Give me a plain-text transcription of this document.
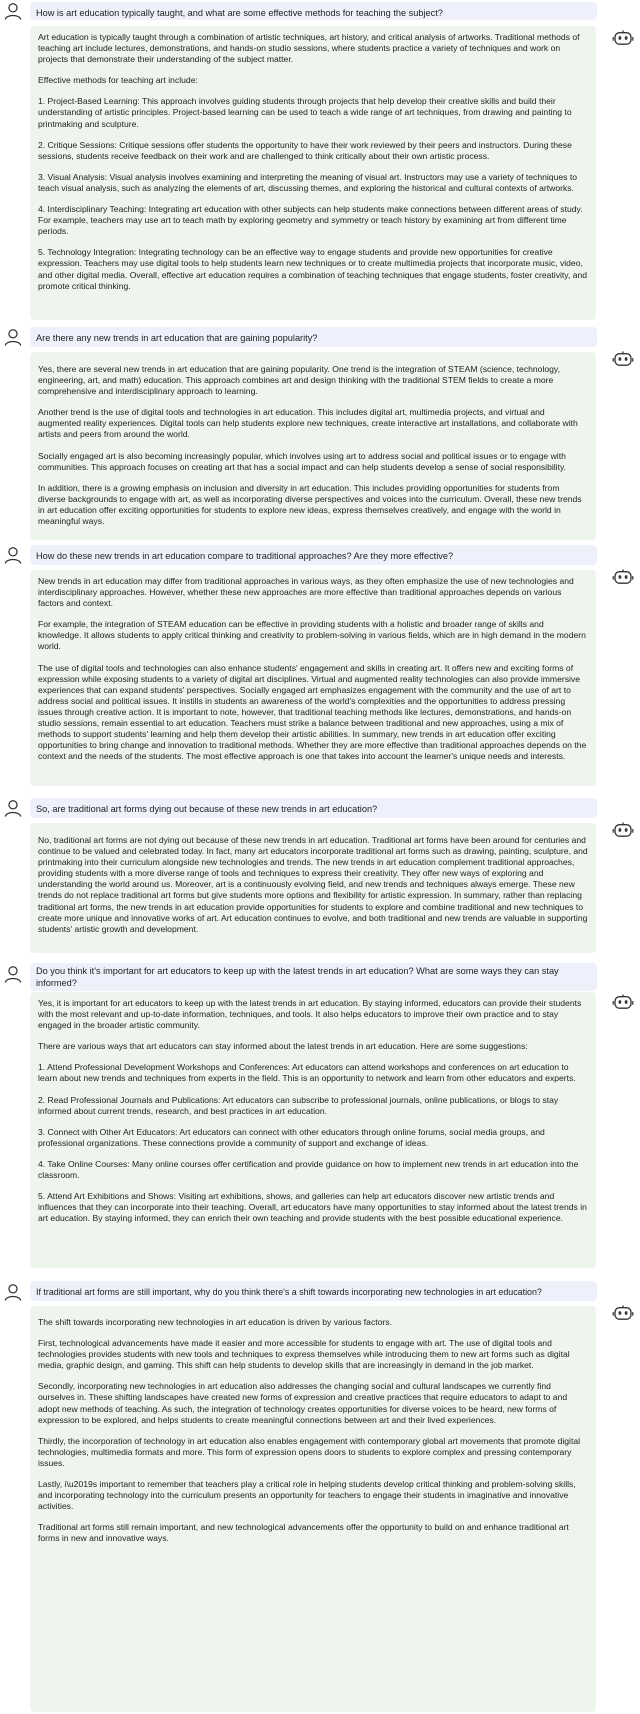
How is art education typically taught, and what are some effective methods for teaching the subject?

Art education is typically taught through a combination of artistic techniques, art history, and critical analysis of artworks. Traditional methods of teaching art include lectures, demonstrations, and hands-on studio sessions, where students practice a variety of techniques and work on projects that demonstrate their understanding of the subject matter.

Effective methods for teaching art include:

1. Project-Based Learning: This approach involves guiding students through projects that help develop their creative skills and build their understanding of artistic principles. Project-based learning can be used to teach a wide range of art techniques, from drawing and painting to printmaking and sculpture.

2. Critique Sessions: Critique sessions offer students the opportunity to have their work reviewed by their peers and instructors. During these sessions, students receive feedback on their work and are challenged to think critically about their own artistic process.

3. Visual Analysis: Visual analysis involves examining and interpreting the meaning of visual art. Instructors may use a variety of techniques to teach visual analysis, such as analyzing the elements of art, discussing themes, and exploring the historical and cultural contexts of artworks.

4. Interdisciplinary Teaching: Integrating art education with other subjects can help students make connections between different areas of study. For example, teachers may use art to teach math by exploring geometry and symmetry or teach history by examining art from different time periods.

5. Technology Integration: Integrating technology can be an effective way to engage students and provide new opportunities for creative expression. Teachers may use digital tools to help students learn new techniques or to create multimedia projects that incorporate music, video, and other digital media. Overall, effective art education requires a combination of teaching techniques that engage students, foster creativity, and promote critical thinking.

Are there any new trends in art education that are gaining popularity?

Yes, there are several new trends in art education that are gaining popularity. One trend is the integration of STEAM (science, technology, engineering, art, and math) education. This approach combines art and design thinking with the traditional STEM fields to create a more comprehensive and interdisciplinary approach to learning.

Another trend is the use of digital tools and technologies in art education. This includes digital art, multimedia projects, and virtual and augmented reality experiences. Digital tools can help students explore new techniques, create interactive art installations, and collaborate with artists and peers from around the world.

Socially engaged art is also becoming increasingly popular, which involves using art to address social and political issues or to engage with communities. This approach focuses on creating art that has a social impact and can help students develop a sense of social responsibility.

In addition, there is a growing emphasis on inclusion and diversity in art education. This includes providing opportunities for students from diverse backgrounds to engage with art, as well as incorporating diverse perspectives and voices into the curriculum. Overall, these new trends in art education offer exciting opportunities for students to explore new ideas, express themselves creatively, and engage with the world in meaningful ways.

How do these new trends in art education compare to traditional approaches? Are they more effective?

New trends in art education may differ from traditional approaches in various ways, as they often emphasize the use of new technologies and interdisciplinary approaches. However, whether these new approaches are more effective than traditional approaches depends on various factors and context.

For example, the integration of STEAM education can be effective in providing students with a holistic and broader range of skills and knowledge. It allows students to apply critical thinking and creativity to problem-solving in various fields, which are in high demand in the modern world.

The use of digital tools and technologies can also enhance students' engagement and skills in creating art. It offers new and exciting forms of expression while exposing students to a variety of digital art disciplines. Virtual and augmented reality technologies can also provide immersive experiences that can expand students' perspectives. Socially engaged art emphasizes engagement with the community and the use of art to address social and political issues. It instills in students an awareness of the world's complexities and the opportunities to address pressing issues through creative action. It is important to note, however, that traditional teaching methods like lectures, demonstrations, and hands-on studio sessions, remain essential to art education. Teachers must strike a balance between traditional and new approaches, using a mix of methods to support students' learning and help them develop their artistic abilities. In summary, new trends in art education offer exciting opportunities to bring change and innovation to traditional methods. Whether they are more effective than traditional approaches depends on the context and the needs of the students. The most effective approach is one that takes into account the learner's unique needs and interests.

So, are traditional art forms dying out because of these new trends in art education?

No, traditional art forms are not dying out because of these new trends in art education. Traditional art forms have been around for centuries and continue to be valued and celebrated today. In fact, many art educators incorporate traditional art forms such as drawing, painting, sculpture, and printmaking into their curriculum alongside new technologies and trends. The new trends in art education complement traditional approaches, providing students with a more diverse range of tools and techniques to express their creativity. They offer new ways of exploring and understanding the world around us. Moreover, art is a continuously evolving field, and new trends and techniques always emerge. These new trends do not replace traditional art forms but give students more options and flexibility for artistic expression. In summary, rather than replacing traditional art forms, the new trends in art education provide opportunities for students to explore and combine traditional and new techniques to create more unique and innovative works of art. Art education continues to evolve, and both traditional and new trends are valuable in supporting students' artistic growth and development.

Do you think it's important for art educators to keep up with the latest trends in art education? What are some ways they can stay informed?

Yes, it is important for art educators to keep up with the latest trends in art education. By staying informed, educators can provide their students with the most relevant and up-to-date information, techniques, and tools. It also helps educators to improve their own practice and to stay engaged in the broader artistic community.

There are various ways that art educators can stay informed about the latest trends in art education. Here are some suggestions:

1. Attend Professional Development Workshops and Conferences: Art educators can attend workshops and conferences on art education to learn about new trends and techniques from experts in the field. This is an opportunity to network and learn from other educators and experts.

2. Read Professional Journals and Publications: Art educators can subscribe to professional journals, online publications, or blogs to stay informed about current trends, research, and best practices in art education.

3. Connect with Other Art Educators: Art educators can connect with other educators through online forums, social media groups, and professional organizations. These connections provide a community of support and exchange of ideas.

4. Take Online Courses: Many online courses offer certification and provide guidance on how to implement new trends in art education into the classroom.

5. Attend Art Exhibitions and Shows: Visiting art exhibitions, shows, and galleries can help art educators discover new artistic trends and influences that they can incorporate into their teaching. Overall, art educators have many opportunities to stay informed about the latest trends in art education. By staying informed, they can enrich their own teaching and provide students with the best possible educational experience.

If traditional art forms are still important, why do you think there's a shift towards incorporating new technologies in art education?

The shift towards incorporating new technologies in art education is driven by various factors.

First, technological advancements have made it easier and more accessible for students to engage with art. The use of digital tools and technologies provides students with new tools and techniques to express themselves while introducing them to new art forms such as digital media, graphic design, and gaming. This shift can help students to develop skills that are increasingly in demand in the job market.

Secondly, incorporating new technologies in art education also addresses the changing social and cultural landscapes we currently find ourselves in. These shifting landscapes have created new forms of expression and creative practices that require educators to adapt to and adopt new methods of teaching. As such, the integration of technology creates opportunities for diverse voices to be heard, new forms of expression to be explored, and helps students to create meaningful connections between art and their lived experiences.

Thirdly, the incorporation of technology in art education also enables engagement with contemporary global art movements that promote digital technologies, multimedia formats and more. This form of expression opens doors to students to explore complex and pressing contemporary issues.

Lastly, i\u2019s important to remember that teachers play a critical role in helping students develop critical thinking and problem-solving skills, and incorporating technology into the curriculum presents an opportunity for teachers to engage their students in imaginative and innovative activities.

Traditional art forms still remain important, and new technological advancements offer the opportunity to build on and enhance traditional art forms in new and innovative ways.
